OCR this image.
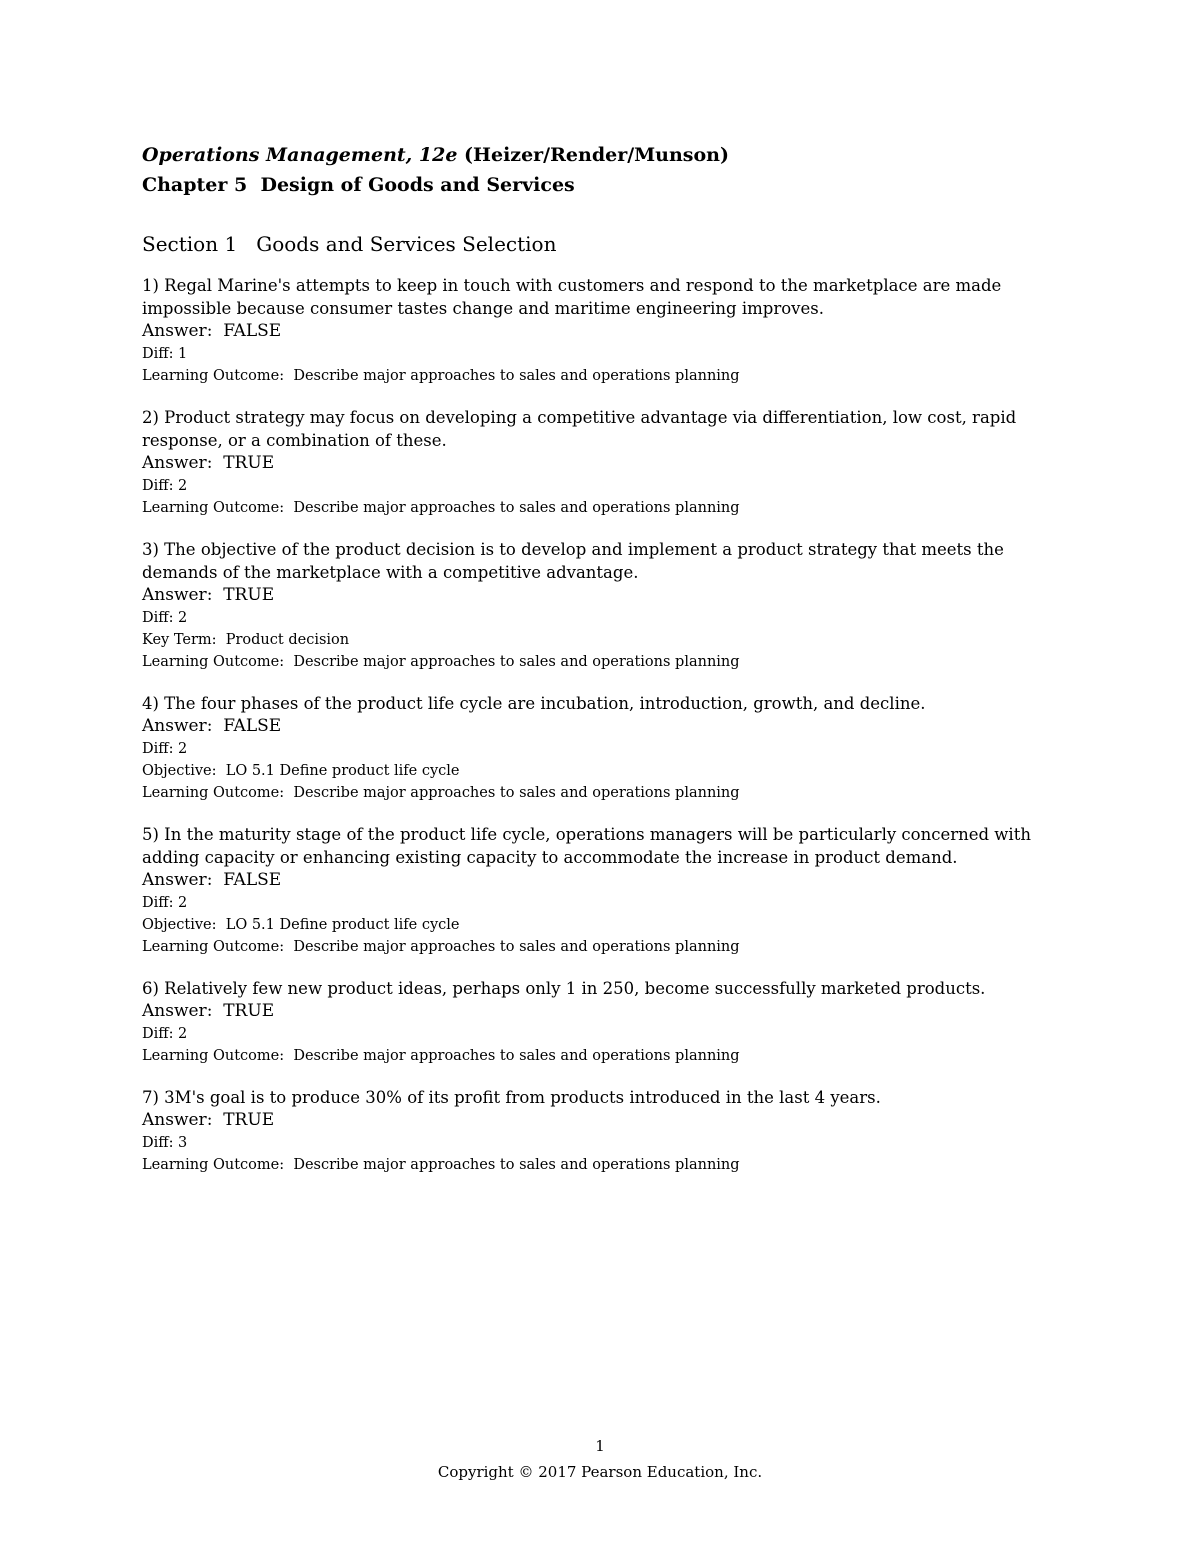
Operations Management, 12e (Heizer/Render/Munson)
Chapter 5  Design of Goods and Services
Section 1   Goods and Services Selection
1) Regal Marine's attempts to keep in touch with customers and respond to the marketplace are made impossible because consumer tastes change and maritime engineering improves.
Answer:  FALSE
Diff: 1
Learning Outcome:  Describe major approaches to sales and operations planning
2) Product strategy may focus on developing a competitive advantage via differentiation, low cost, rapid response, or a combination of these.
Answer:  TRUE
Diff: 2
Learning Outcome:  Describe major approaches to sales and operations planning
3) The objective of the product decision is to develop and implement a product strategy that meets the demands of the marketplace with a competitive advantage.
Answer:  TRUE
Diff: 2
Key Term:  Product decision
Learning Outcome:  Describe major approaches to sales and operations planning
4) The four phases of the product life cycle are incubation, introduction, growth, and decline.
Answer:  FALSE
Diff: 2
Objective:  LO 5.1 Define product life cycle
Learning Outcome:  Describe major approaches to sales and operations planning
5) In the maturity stage of the product life cycle, operations managers will be particularly concerned with adding capacity or enhancing existing capacity to accommodate the increase in product demand.
Answer:  FALSE
Diff: 2
Objective:  LO 5.1 Define product life cycle
Learning Outcome:  Describe major approaches to sales and operations planning
6) Relatively few new product ideas, perhaps only 1 in 250, become successfully marketed products.
Answer:  TRUE
Diff: 2
Learning Outcome:  Describe major approaches to sales and operations planning
7) 3M's goal is to produce 30% of its profit from products introduced in the last 4 years.
Answer:  TRUE
Diff: 3
Learning Outcome:  Describe major approaches to sales and operations planning
1
Copyright © 2017 Pearson Education, Inc.
